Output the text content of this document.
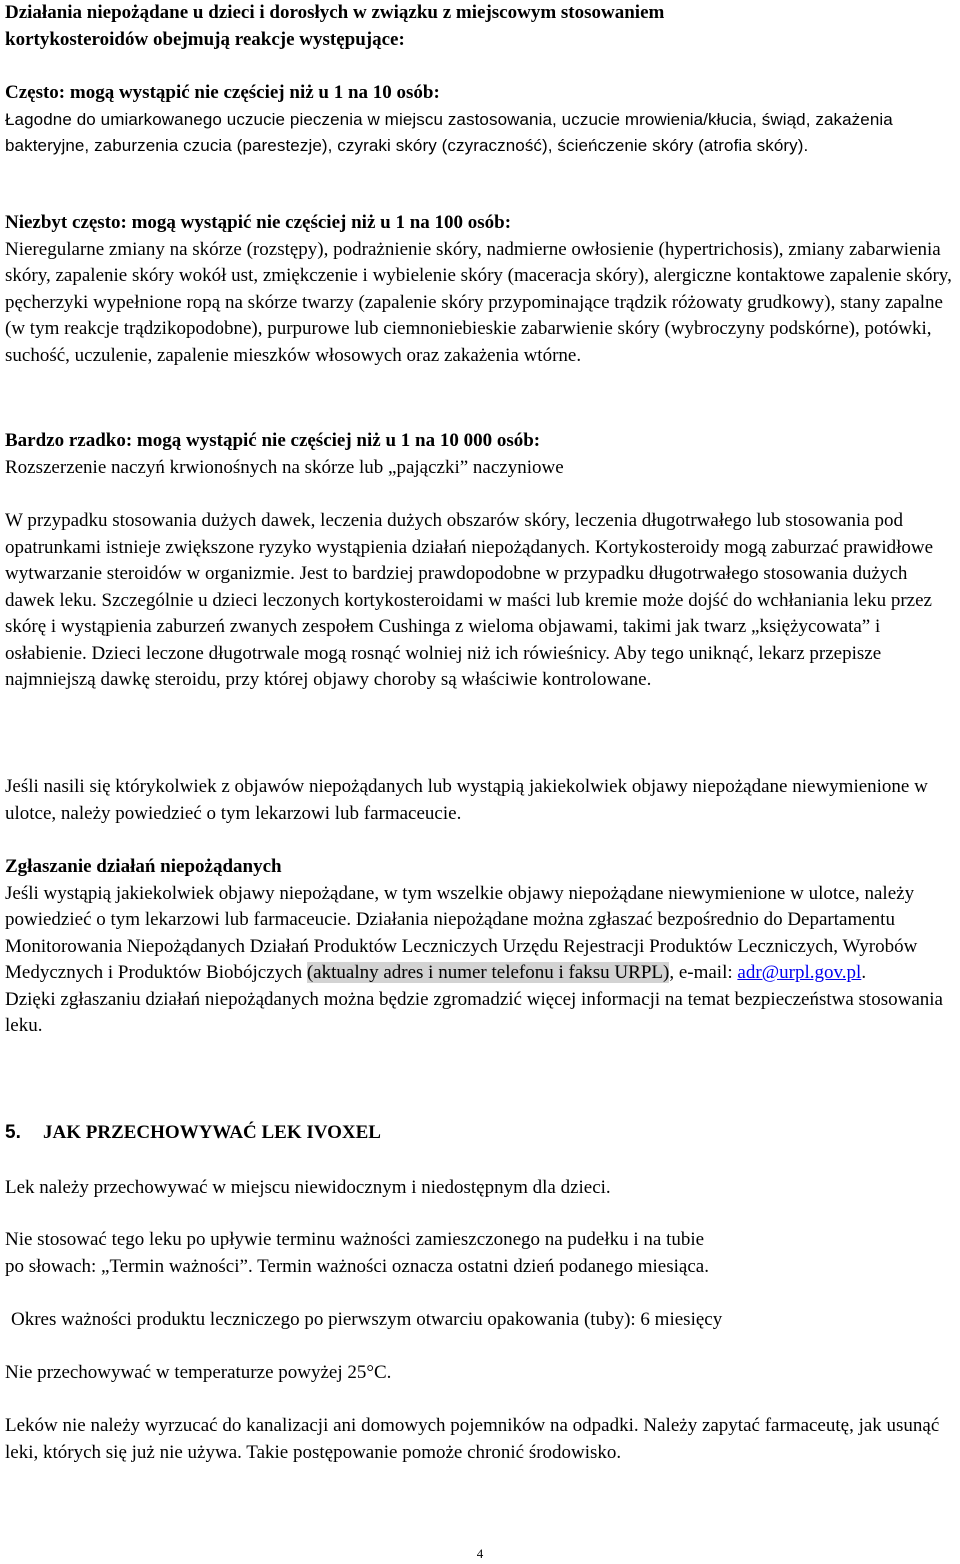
Działania niepożądane u dzieci i dorosłych w związku z miejscowym stosowaniem

kortykosteroidów obejmują reakcje występujące:

Często: mogą wystąpić nie częściej niż u 1 na 10 osób:

Łagodne do umiarkowanego uczucie pieczenia w miejscu zastosowania, uczucie mrowienia/kłucia, świąd, zakażenia bakteryjne, zaburzenia czucia (parestezje), czyraki skóry (czyraczność), ścieńczenie skóry (atrofia skóry).

Niezbyt często: mogą wystąpić nie częściej niż u 1 na 100 osób:

Nieregularne zmiany na skórze (rozstępy), podrażnienie skóry, nadmierne owłosienie (hypertrichosis), zmiany zabarwienia skóry, zapalenie skóry wokół ust, zmiękczenie i wybielenie skóry (maceracja skóry), alergiczne kontaktowe zapalenie skóry, pęcherzyki wypełnione ropą na skórze twarzy (zapalenie skóry przypominające trądzik różowaty grudkowy), stany zapalne (w tym reakcje trądzikopodobne), purpurowe lub ciemnoniebieskie zabarwienie skóry (wybroczyny podskórne), potówki, suchość, uczulenie, zapalenie mieszków włosowych oraz zakażenia wtórne.

Bardzo rzadko: mogą wystąpić nie częściej niż u 1 na 10 000 osób:

Rozszerzenie naczyń krwionośnych na skórze lub „pajączki” naczyniowe

W przypadku stosowania dużych dawek, leczenia dużych obszarów skóry, leczenia długotrwałego lub stosowania pod opatrunkami istnieje zwiększone ryzyko wystąpienia działań niepożądanych. Kortykosteroidy mogą zaburzać prawidłowe wytwarzanie steroidów w organizmie. Jest to bardziej prawdopodobne w przypadku długotrwałego stosowania dużych dawek leku. Szczególnie u dzieci leczonych kortykosteroidami w maści lub kremie może dojść do wchłaniania leku przez skórę i wystąpienia zaburzeń zwanych zespołem Cushinga z wieloma objawami, takimi jak twarz „księżycowata” i osłabienie. Dzieci leczone długotrwale mogą rosnąć wolniej niż ich rówieśnicy. Aby tego uniknąć, lekarz przepisze najmniejszą dawkę steroidu, przy której objawy choroby są właściwie kontrolowane.

Jeśli nasili się którykolwiek z objawów niepożądanych lub wystąpią jakiekolwiek objawy niepożądane niewymienione w ulotce, należy powiedzieć o tym lekarzowi lub farmaceucie.

Zgłaszanie działań niepożądanych

Jeśli wystąpią jakiekolwiek objawy niepożądane, w tym wszelkie objawy niepożądane niewymienione w ulotce, należy powiedzieć o tym lekarzowi lub farmaceucie. Działania niepożądane można zgłaszać bezpośrednio do Departamentu Monitorowania Niepożądanych Działań Produktów Leczniczych Urzędu Rejestracji Produktów Leczniczych, Wyrobów Medycznych i Produktów Biobójczych (aktualny adres i numer telefonu i faksu URPL), e-mail: adr@urpl.gov.pl.

Dzięki zgłaszaniu działań niepożądanych można będzie zgromadzić więcej informacji na temat bezpieczeństwa stosowania leku.

5. JAK PRZECHOWYWAĆ LEK IVOXEL

Lek należy przechowywać w miejscu niewidocznym i niedostępnym dla dzieci.

Nie stosować tego leku po upływie terminu ważności zamieszczonego na pudełku i na tubie

po słowach: „Termin ważności”. Termin ważności oznacza ostatni dzień podanego miesiąca.

Okres ważności produktu leczniczego po pierwszym otwarciu opakowania (tuby): 6 miesięcy

Nie przechowywać w temperaturze powyżej 25°C.

Leków nie należy wyrzucać do kanalizacji ani domowych pojemników na odpadki. Należy zapytać farmaceutę, jak usunąć leki, których się już nie używa. Takie postępowanie pomoże chronić środowisko.

4
